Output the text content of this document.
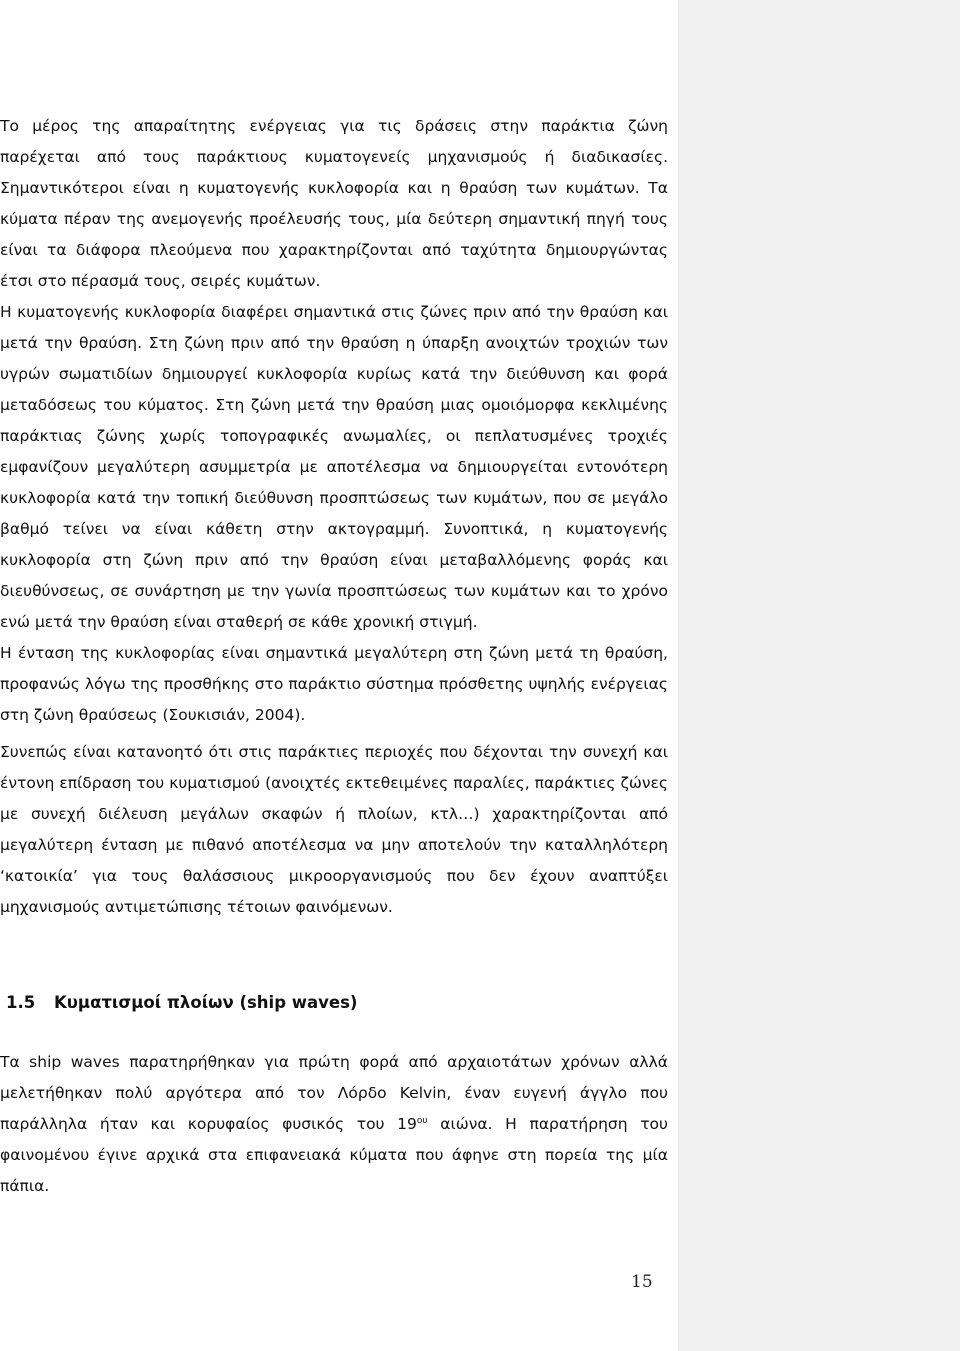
Το μέρος της απαραίτητης ενέργειας για τις δράσεις στην παράκτια ζώνη παρέχεται από τους παράκτιους κυματογενείς μηχανισμούς ή διαδικασίες. Σημαντικότεροι είναι η κυματογενής κυκλοφορία και η θραύση των κυμάτων. Τα κύματα πέραν της ανεμογενής προέλευσής τους, μία δεύτερη σημαντική πηγή τους είναι τα διάφορα πλεούμενα που χαρακτηρίζονται από ταχύτητα δημιουργώντας έτσι στο πέρασμά τους, σειρές κυμάτων.

Η κυματογενής κυκλοφορία διαφέρει σημαντικά στις ζώνες πριν από την θραύση και μετά την θραύση. Στη ζώνη πριν από την θραύση η ύπαρξη ανοιχτών τροχιών των υγρών σωματιδίων δημιουργεί κυκλοφορία κυρίως κατά την διεύθυνση και φορά μεταδόσεως του κύματος. Στη ζώνη μετά την θραύση μιας ομοιόμορφα κεκλιμένης παράκτιας ζώνης χωρίς τοπογραφικές ανωμαλίες, οι πεπλατυσμένες τροχιές εμφανίζουν μεγαλύτερη ασυμμετρία με αποτέλεσμα να δημιουργείται εντονότερη κυκλοφορία κατά την τοπική διεύθυνση προσπτώσεως των κυμάτων, που σε μεγάλο βαθμό τείνει να είναι κάθετη στην ακτογραμμή. Συνοπτικά, η κυματογενής κυκλοφορία στη ζώνη πριν από την θραύση είναι μεταβαλλόμενης φοράς και διευθύνσεως, σε συνάρτηση με την γωνία προσπτώσεως των κυμάτων και το χρόνο ενώ μετά την θραύση είναι σταθερή σε κάθε χρονική στιγμή.

Η ένταση της κυκλοφορίας είναι σημαντικά μεγαλύτερη στη ζώνη μετά τη θραύση, προφανώς λόγω της προσθήκης στο παράκτιο σύστημα πρόσθετης υψηλής ενέργειας στη ζώνη θραύσεως (Σουκισιάν, 2004).

Συνεπώς είναι κατανοητό ότι στις παράκτιες περιοχές που δέχονται την συνεχή και έντονη επίδραση του κυματισμού (ανοιχτές εκτεθειμένες παραλίες, παράκτιες ζώνες με συνεχή διέλευση μεγάλων σκαφών ή πλοίων, κτλ…) χαρακτηρίζονται από μεγαλύτερη ένταση με πιθανό αποτέλεσμα να μην αποτελούν την καταλληλότερη ‘κατοικία’ για τους θαλάσσιους μικροοργανισμούς που δεν έχουν αναπτύξει μηχανισμούς αντιμετώπισης τέτοιων φαινόμενων.

1.5	Κυματισμοί πλοίων (ship waves)

Τα ship waves παρατηρήθηκαν για πρώτη φορά από αρχαιοτάτων χρόνων αλλά μελετήθηκαν πολύ αργότερα από τον Λόρδο Kelvin, έναν ευγενή άγγλο που παράλληλα ήταν και κορυφαίος φυσικός του $19^{o\upsilon}$ αιώνα. Η παρατήρηση του φαινομένου έγινε αρχικά στα επιφανειακά κύματα που άφηνε στη πορεία της μία πάπια.

15
